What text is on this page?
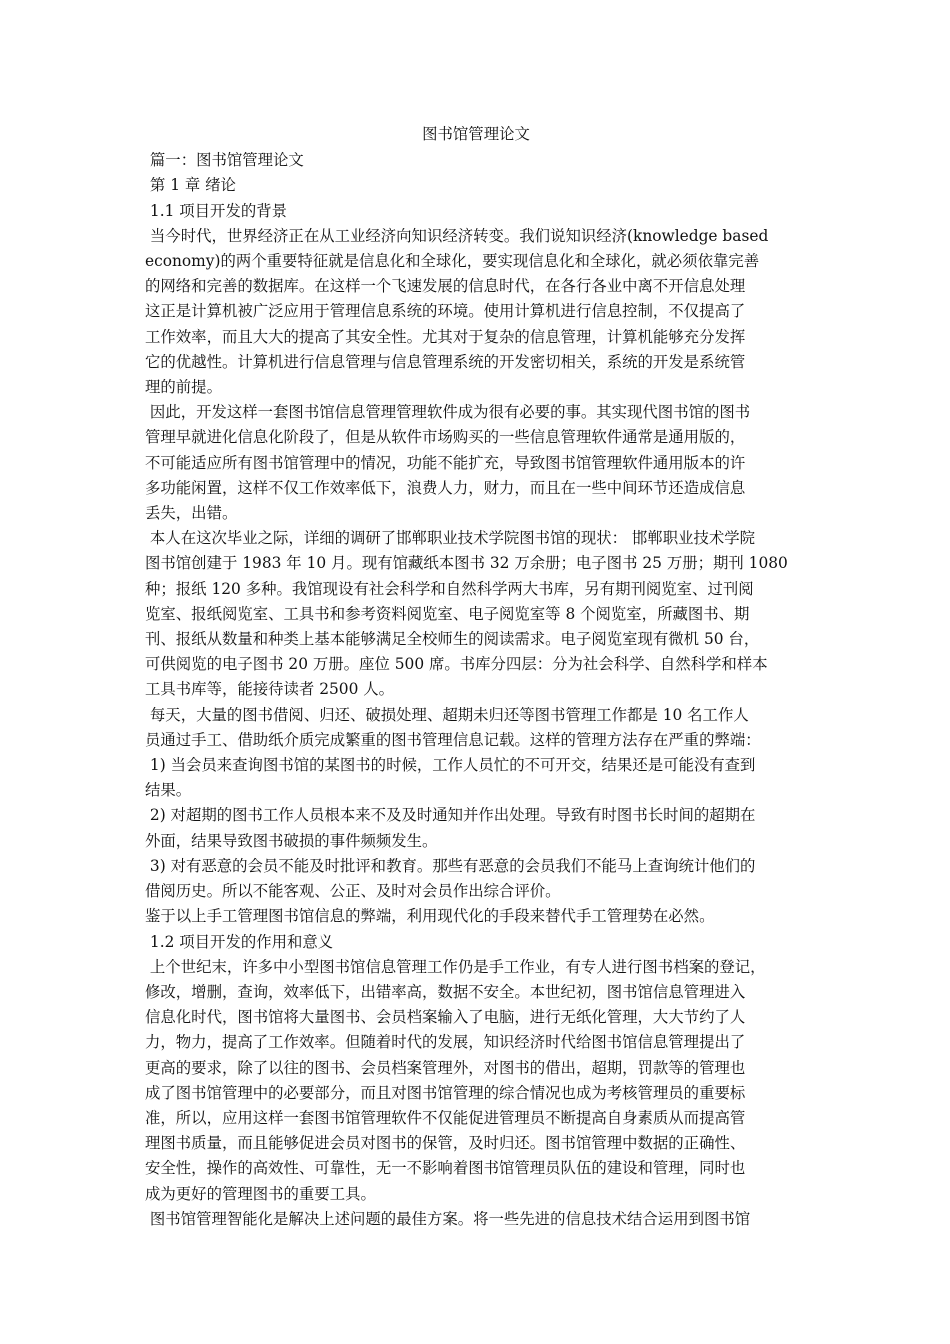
图书馆管理论文
篇一：图书馆管理论文
第 1 章 绪论
1.1 项目开发的背景
当今时代，世界经济正在从工业经济向知识经济转变。我们说知识经济(knowledge based
economy)的两个重要特征就是信息化和全球化，要实现信息化和全球化，就必须依靠完善
的网络和完善的数据库。在这样一个飞速发展的信息时代，在各行各业中离不开信息处理
这正是计算机被广泛应用于管理信息系统的环境。使用计算机进行信息控制，不仅提高了
工作效率，而且大大的提高了其安全性。尤其对于复杂的信息管理，计算机能够充分发挥
它的优越性。计算机进行信息管理与信息管理系统的开发密切相关，系统的开发是系统管
理的前提。
因此，开发这样一套图书馆信息管理管理软件成为很有必要的事。其实现代图书馆的图书
管理早就进化信息化阶段了，但是从软件市场购买的一些信息管理软件通常是通用版的，
不可能适应所有图书馆管理中的情况，功能不能扩充，导致图书馆管理软件通用版本的许
多功能闲置，这样不仅工作效率低下，浪费人力，财力，而且在一些中间环节还造成信息
丢失，出错。
本人在这次毕业之际，详细的调研了邯郸职业技术学院图书馆的现状： 邯郸职业技术学院
图书馆创建于 1983 年 10 月。现有馆藏纸本图书 32 万余册；电子图书 25 万册；期刊 1080
种；报纸 120 多种。我馆现设有社会科学和自然科学两大书库，另有期刊阅览室、过刊阅
览室、报纸阅览室、工具书和参考资料阅览室、电子阅览室等 8 个阅览室，所藏图书、期
刊、报纸从数量和种类上基本能够满足全校师生的阅读需求。电子阅览室现有微机 50 台，
可供阅览的电子图书 20 万册。座位 500 席。书库分四层：分为社会科学、自然科学和样本
工具书库等，能接待读者 2500 人。
每天，大量的图书借阅、归还、破损处理、超期未归还等图书管理工作都是 10 名工作人
员通过手工、借助纸介质完成繁重的图书管理信息记载。这样的管理方法存在严重的弊端：
1) 当会员来查询图书馆的某图书的时候，工作人员忙的不可开交，结果还是可能没有查到
结果。
2) 对超期的图书工作人员根本来不及及时通知并作出处理。导致有时图书长时间的超期在
外面，结果导致图书破损的事件频频发生。
3) 对有恶意的会员不能及时批评和教育。那些有恶意的会员我们不能马上查询统计他们的
借阅历史。所以不能客观、公正、及时对会员作出综合评价。
鉴于以上手工管理图书馆信息的弊端，利用现代化的手段来替代手工管理势在必然。
1.2 项目开发的作用和意义
上个世纪末，许多中小型图书馆信息管理工作仍是手工作业，有专人进行图书档案的登记，
修改，增删，查询，效率低下，出错率高，数据不安全。本世纪初，图书馆信息管理进入
信息化时代，图书馆将大量图书、会员档案输入了电脑，进行无纸化管理，大大节约了人
力，物力，提高了工作效率。但随着时代的发展，知识经济时代给图书馆信息管理提出了
更高的要求，除了以往的图书、会员档案管理外，对图书的借出，超期，罚款等的管理也
成了图书馆管理中的必要部分，而且对图书馆管理的综合情况也成为考核管理员的重要标
准，所以，应用这样一套图书馆管理软件不仅能促进管理员不断提高自身素质从而提高管
理图书质量，而且能够促进会员对图书的保管，及时归还。图书馆管理中数据的正确性、
安全性，操作的高效性、可靠性，无一不影响着图书馆管理员队伍的建设和管理，同时也
成为更好的管理图书的重要工具。
图书馆管理智能化是解决上述问题的最佳方案。将一些先进的信息技术结合运用到图书馆
